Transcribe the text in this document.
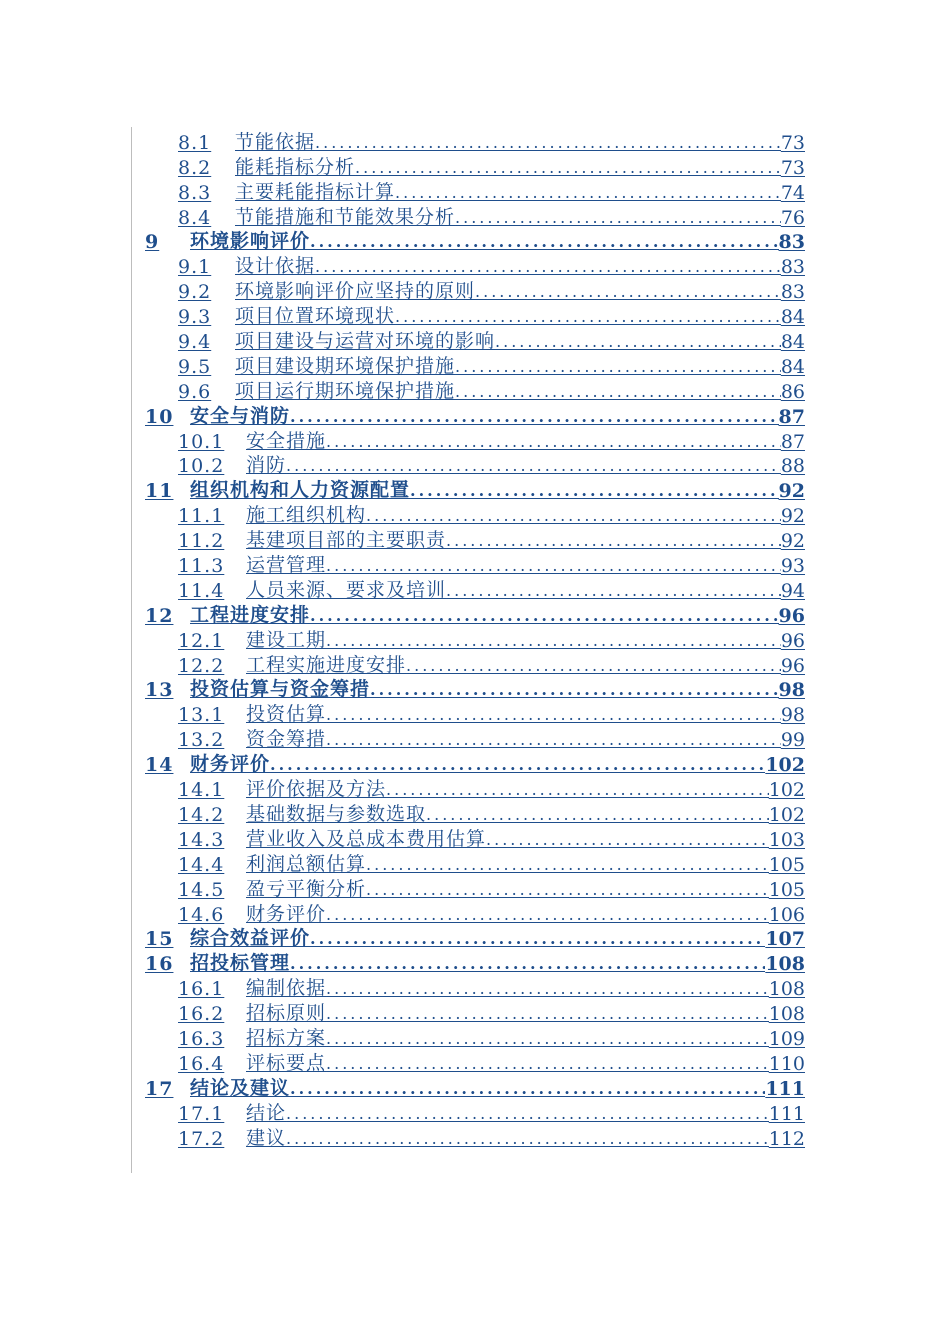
8.1	节能依据 .....	73
8.2	能耗指标分析 .....	73
8.3	主要耗能指标计算 .....	74
8.4	节能措施和节能效果分析 .....	76
9	环境影响评价 .....	83
9.1	设计依据 .....	83
9.2	环境影响评价应坚持的原则 .....	83
9.3	项目位置环境现状 .....	84
9.4	项目建设与运营对环境的影响 .....	84
9.5	项目建设期环境保护措施 .....	84
9.6	项目运行期环境保护措施 .....	86
10 安全与消防 .....	87
10.1	安全措施 .....	87
10.2	消防 .....	88
11 组织机构和人力资源配置 .....	92
11.1	施工组织机构 .....	92
11.2	基建项目部的主要职责 .....	92
11.3	运营管理 .....	93
11.4	人员来源、要求及培训 .....	94
12 工程进度安排 .....	96
12.1	建设工期 .....	96
12.2	工程实施进度安排 .....	96
13 投资估算与资金筹措 .....	98
13.1	投资估算 .....	98
13.2	资金筹措 .....	99
14 财务评价 .....	102
14.1	评价依据及方法 .....	102
14.2	基础数据与参数选取 .....	102
14.3	营业收入及总成本费用估算 .....	103
14.4	利润总额估算 .....	105
14.5	盈亏平衡分析 .....	105
14.6	财务评价 .....	106
15 综合效益评价 .....	107
16 招投标管理 .....	108
16.1	编制依据 .....	108
16.2	招标原则 .....	108
16.3	招标方案 .....	109
16.4	评标要点 .....	110
17 结论及建议 .....	111
17.1	结论 .....	111
17.2	建议 .....	112
